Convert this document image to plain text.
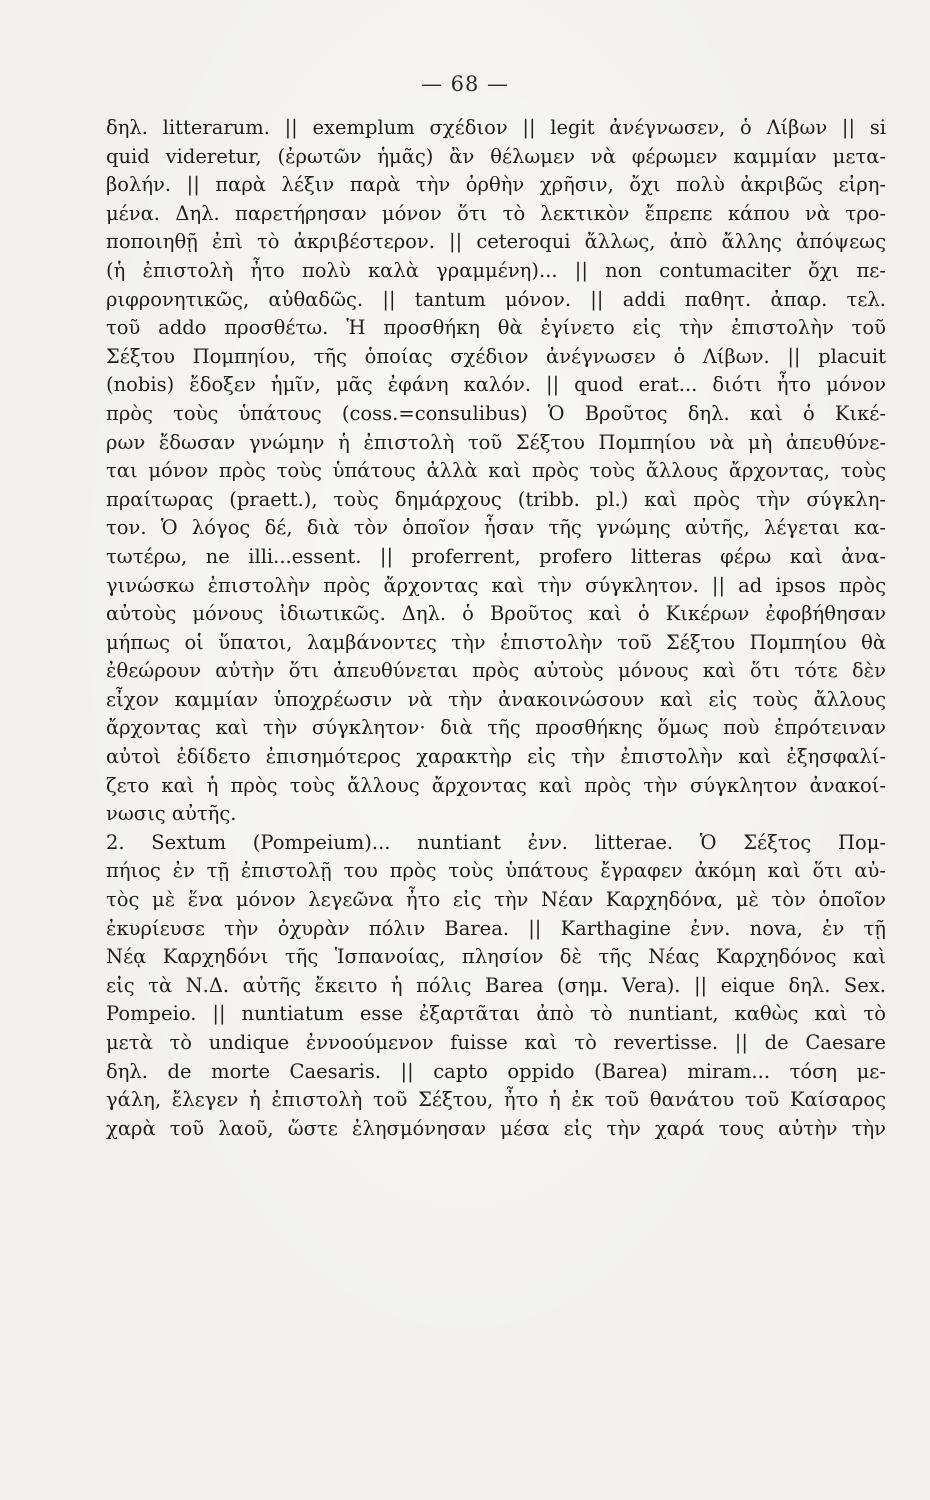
— 68 —
δηλ. litterarum. || exemplum σχέδιον || legit ἀνέγνωσεν, ὁ Λίβων || si
quid videretur, (ἐρωτῶν ἡμᾶς) ἂν θέλωμεν νὰ φέρωμεν καμμίαν μετα-
βολήν. || παρὰ λέξιν παρὰ τὴν ὀρθὴν χρῆσιν, ὄχι πολὺ ἀκριβῶς εἰρη-
μένα. Δηλ. παρετήρησαν μόνον ὅτι τὸ λεκτικὸν ἔπρεπε κάπου νὰ τρο-
ποποιηθῇ ἐπὶ τὸ ἀκριβέστερον. || ceteroqui ἄλλως, ἀπὸ ἄλλης ἀπόψεως
(ἡ ἐπιστολὴ ἦτο πολὺ καλὰ γραμμένη)... || non contumaciter ὄχι πε-
ριφρονητικῶς, αὐθαδῶς. || tantum μόνον. || addi παθητ. ἀπαρ. τελ.
τοῦ addo προσθέτω. Ἡ προσθήκη θὰ ἐγίνετο εἰς τὴν ἐπιστολὴν τοῦ
Σέξτου Πομπηίου, τῆς ὁποίας σχέδιον ἀνέγνωσεν ὁ Λίβων. || placuit
(nobis) ἔδοξεν ἡμῖν, μᾶς ἐφάνη καλόν. || quod erat... διότι ἦτο μόνον
πρὸς τοὺς ὑπάτους (coss.=consulibus) Ὁ Βροῦτος δηλ. καὶ ὁ Κικέ-
ρων ἔδωσαν γνώμην ἡ ἐπιστολὴ τοῦ Σέξτου Πομπηίου νὰ μὴ ἀπευθύνε-
ται μόνον πρὸς τοὺς ὑπάτους ἀλλὰ καὶ πρὸς τοὺς ἄλλους ἄρχοντας, τοὺς
πραίτωρας (praett.), τοὺς δημάρχους (tribb. pl.) καὶ πρὸς τὴν σύγκλη-
τον. Ὁ λόγος δέ, διὰ τὸν ὁποῖον ἦσαν τῆς γνώμης αὐτῆς, λέγεται κα-
τωτέρω, ne illi...essent. || proferrent, profero litteras φέρω καὶ ἀνα-
γινώσκω ἐπιστολὴν πρὸς ἄρχοντας καὶ τὴν σύγκλητον. || ad ipsos πρὸς
αὐτοὺς μόνους ἰδιωτικῶς. Δηλ. ὁ Βροῦτος καὶ ὁ Κικέρων ἐφοβήθησαν
μήπως οἱ ὕπατοι, λαμβάνοντες τὴν ἐπιστολὴν τοῦ Σέξτου Πομπηίου θὰ
ἐθεώρουν αὐτὴν ὅτι ἀπευθύνεται πρὸς αὐτοὺς μόνους καὶ ὅτι τότε δὲν
εἶχον καμμίαν ὑποχρέωσιν νὰ τὴν ἀνακοινώσουν καὶ εἰς τοὺς ἄλλους
ἄρχοντας καὶ τὴν σύγκλητον· διὰ τῆς προσθήκης ὅμως ποὺ ἐπρότειναν
αὐτοὶ ἐδίδετο ἐπισημότερος χαρακτὴρ εἰς τὴν ἐπιστολὴν καὶ ἐξησφαλί-
ζετο καὶ ἡ πρὸς τοὺς ἄλλους ἄρχοντας καὶ πρὸς τὴν σύγκλητον ἀνακοί-
νωσις αὐτῆς.
2. Sextum (Pompeium)... nuntiant ἐνν. litterae. Ὁ Σέξτος Πομ-
πήιος ἐν τῇ ἐπιστολῇ του πρὸς τοὺς ὑπάτους ἔγραφεν ἀκόμη καὶ ὅτι αὐ-
τὸς μὲ ἕνα μόνον λεγεῶνα ἦτο εἰς τὴν Νέαν Καρχηδόνα, μὲ τὸν ὁποῖον
ἐκυρίευσε τὴν ὀχυρὰν πόλιν Barea. || Karthagine ἐνν. nova, ἐν τῇ
Νέᾳ Καρχηδόνι τῆς Ἱσπανοίας, πλησίον δὲ τῆς Νέας Καρχηδόνος καὶ
εἰς τὰ Ν.Δ. αὐτῆς ἔκειτο ἡ πόλις Barea (σημ. Vera). || eique δηλ. Sex.
Pompeio. || nuntiatum esse ἐξαρτᾶται ἀπὸ τὸ nuntiant, καθὼς καὶ τὸ
μετὰ τὸ undique ἐννοούμενον fuisse καὶ τὸ revertisse. || de Caesare
δηλ. de morte Caesaris. || capto oppido (Barea) miram... τόση με-
γάλη, ἔλεγεν ἡ ἐπιστολὴ τοῦ Σέξτου, ἦτο ἡ ἐκ τοῦ θανάτου τοῦ Καίσαρος
χαρὰ τοῦ λαοῦ, ὥστε ἐλησμόνησαν μέσα εἰς τὴν χαρά τους αὐτὴν τὴν
